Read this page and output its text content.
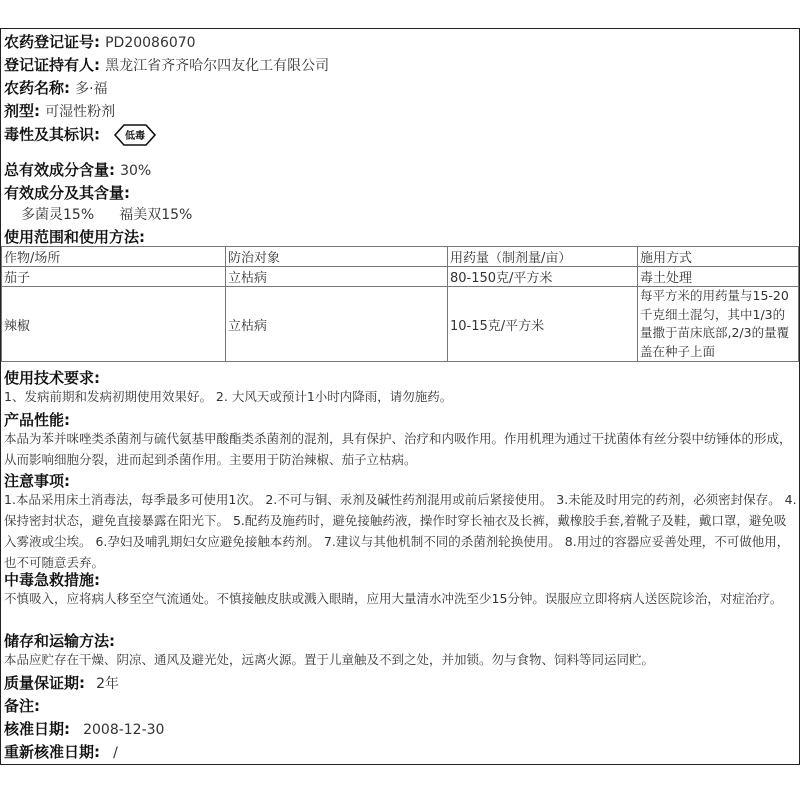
农药登记证号: PD20086070
登记证持有人: 黑龙江省齐齐哈尔四友化工有限公司
农药名称: 多·福
剂型: 可湿性粉剂
毒性及其标识:	低毒
总有效成分含量: 30%
有效成分及其含量:
多菌灵15% 福美双15%
使用范围和使用方法:
作物/场所	防治对象	用药量（制剂量/亩）	施用方式
茄子	立枯病	80-150克/平方米	毒土处理
辣椒	立枯病	10-15克/平方米	每平方米的用药量与15-20千克细土混匀，其中1/3的量撒于苗床底部,2/3的量覆盖在种子上面
使用技术要求:
1、发病前期和发病初期使用效果好。 2. 大风天或预计1小时内降雨，请勿施药。
产品性能:
本品为苯并咪唑类杀菌剂与硫代氨基甲酸酯类杀菌剂的混剂，具有保护、治疗和内吸作用。作用机理为通过干扰菌体有丝分裂中纺锤体的形成，从而影响细胞分裂，进而起到杀菌作用。主要用于防治辣椒、茄子立枯病。
注意事项:
1.本品采用床土消毒法，每季最多可使用1次。 2.不可与铜、汞剂及碱性药剂混用或前后紧接使用。 3.未能及时用完的药剂，必须密封保存。 4.保持密封状态，避免直接暴露在阳光下。 5.配药及施药时，避免接触药液，操作时穿长袖衣及长裤，戴橡胶手套,着靴子及鞋，戴口罩，避免吸入雾液或尘埃。 6.孕妇及哺乳期妇女应避免接触本药剂。 7.建议与其他机制不同的杀菌剂轮换使用。 8.用过的容器应妥善处理，不可做他用，也不可随意丢弃。
中毒急救措施:
不慎吸入，应将病人移至空气流通处。不慎接触皮肤或溅入眼睛，应用大量清水冲洗至少15分钟。误服应立即将病人送医院诊治，对症治疗。
储存和运输方法:
本品应贮存在干燥、阴凉、通风及避光处，远离火源。置于儿童触及不到之处，并加锁。勿与食物、饲料等同运同贮。
质量保证期: 2年
备注:
核准日期: 2008-12-30
重新核准日期: /
